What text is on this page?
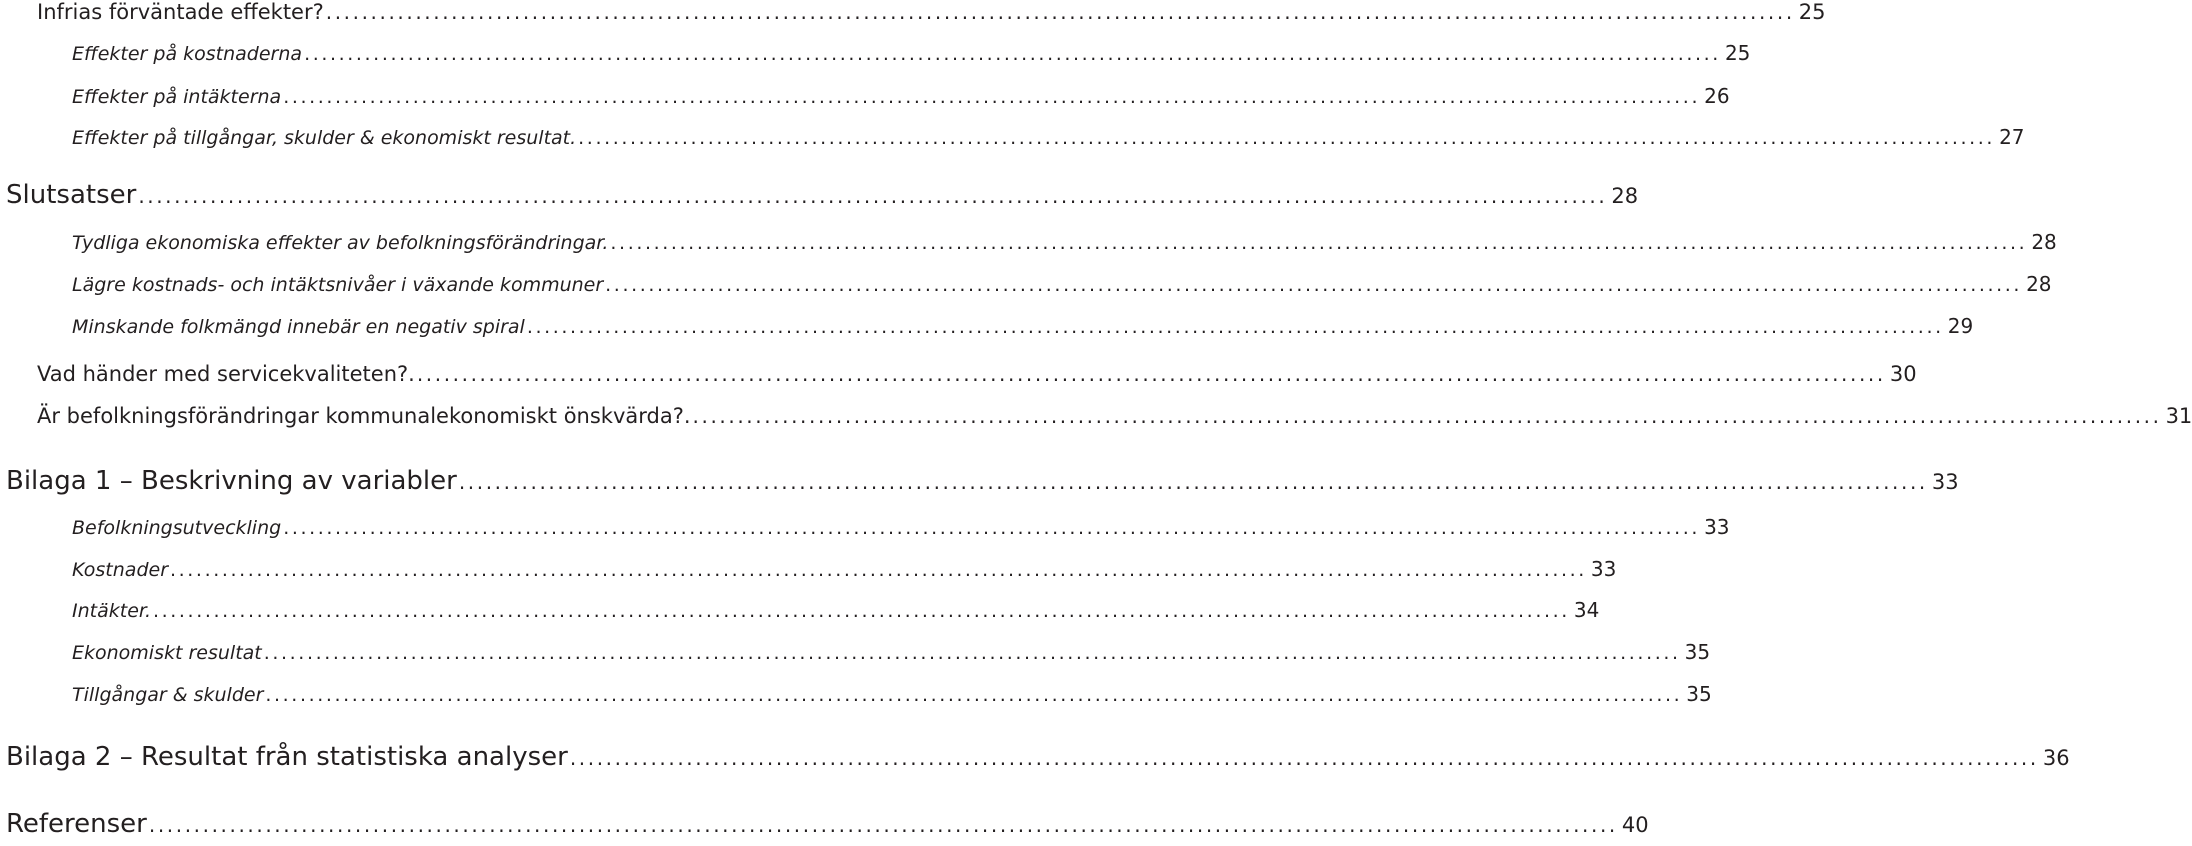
Infrias förväntade effekter? .................................................................................................................................................................... 25
Effekter på kostnaderna .................................................................................................................................................................... 25
Effekter på intäkterna .................................................................................................................................................................... 26
Effekter på tillgångar, skulder & ekonomiskt resultat. .................................................................................................................................................................... 27
Slutsatser .................................................................................................................................................................... 28
Tydliga ekonomiska effekter av befolkningsförändringar. .................................................................................................................................................................... 28
Lägre kostnads- och intäktsnivåer i växande kommuner .................................................................................................................................................................... 28
Minskande folkmängd innebär en negativ spiral .................................................................................................................................................................... 29
Vad händer med servicekvaliteten?. .................................................................................................................................................................... 30
Är befolkningsförändringar kommunalekonomiskt önskvärda?. .................................................................................................................................................................... 31
Bilaga 1 – Beskrivning av variabler .................................................................................................................................................................... 33
Befolkningsutveckling .................................................................................................................................................................... 33
Kostnader .................................................................................................................................................................... 33
Intäkter. .................................................................................................................................................................... 34
Ekonomiskt resultat .................................................................................................................................................................... 35
Tillgångar & skulder .................................................................................................................................................................... 35
Bilaga 2 – Resultat från statistiska analyser .................................................................................................................................................................... 36
Referenser .................................................................................................................................................................... 40
